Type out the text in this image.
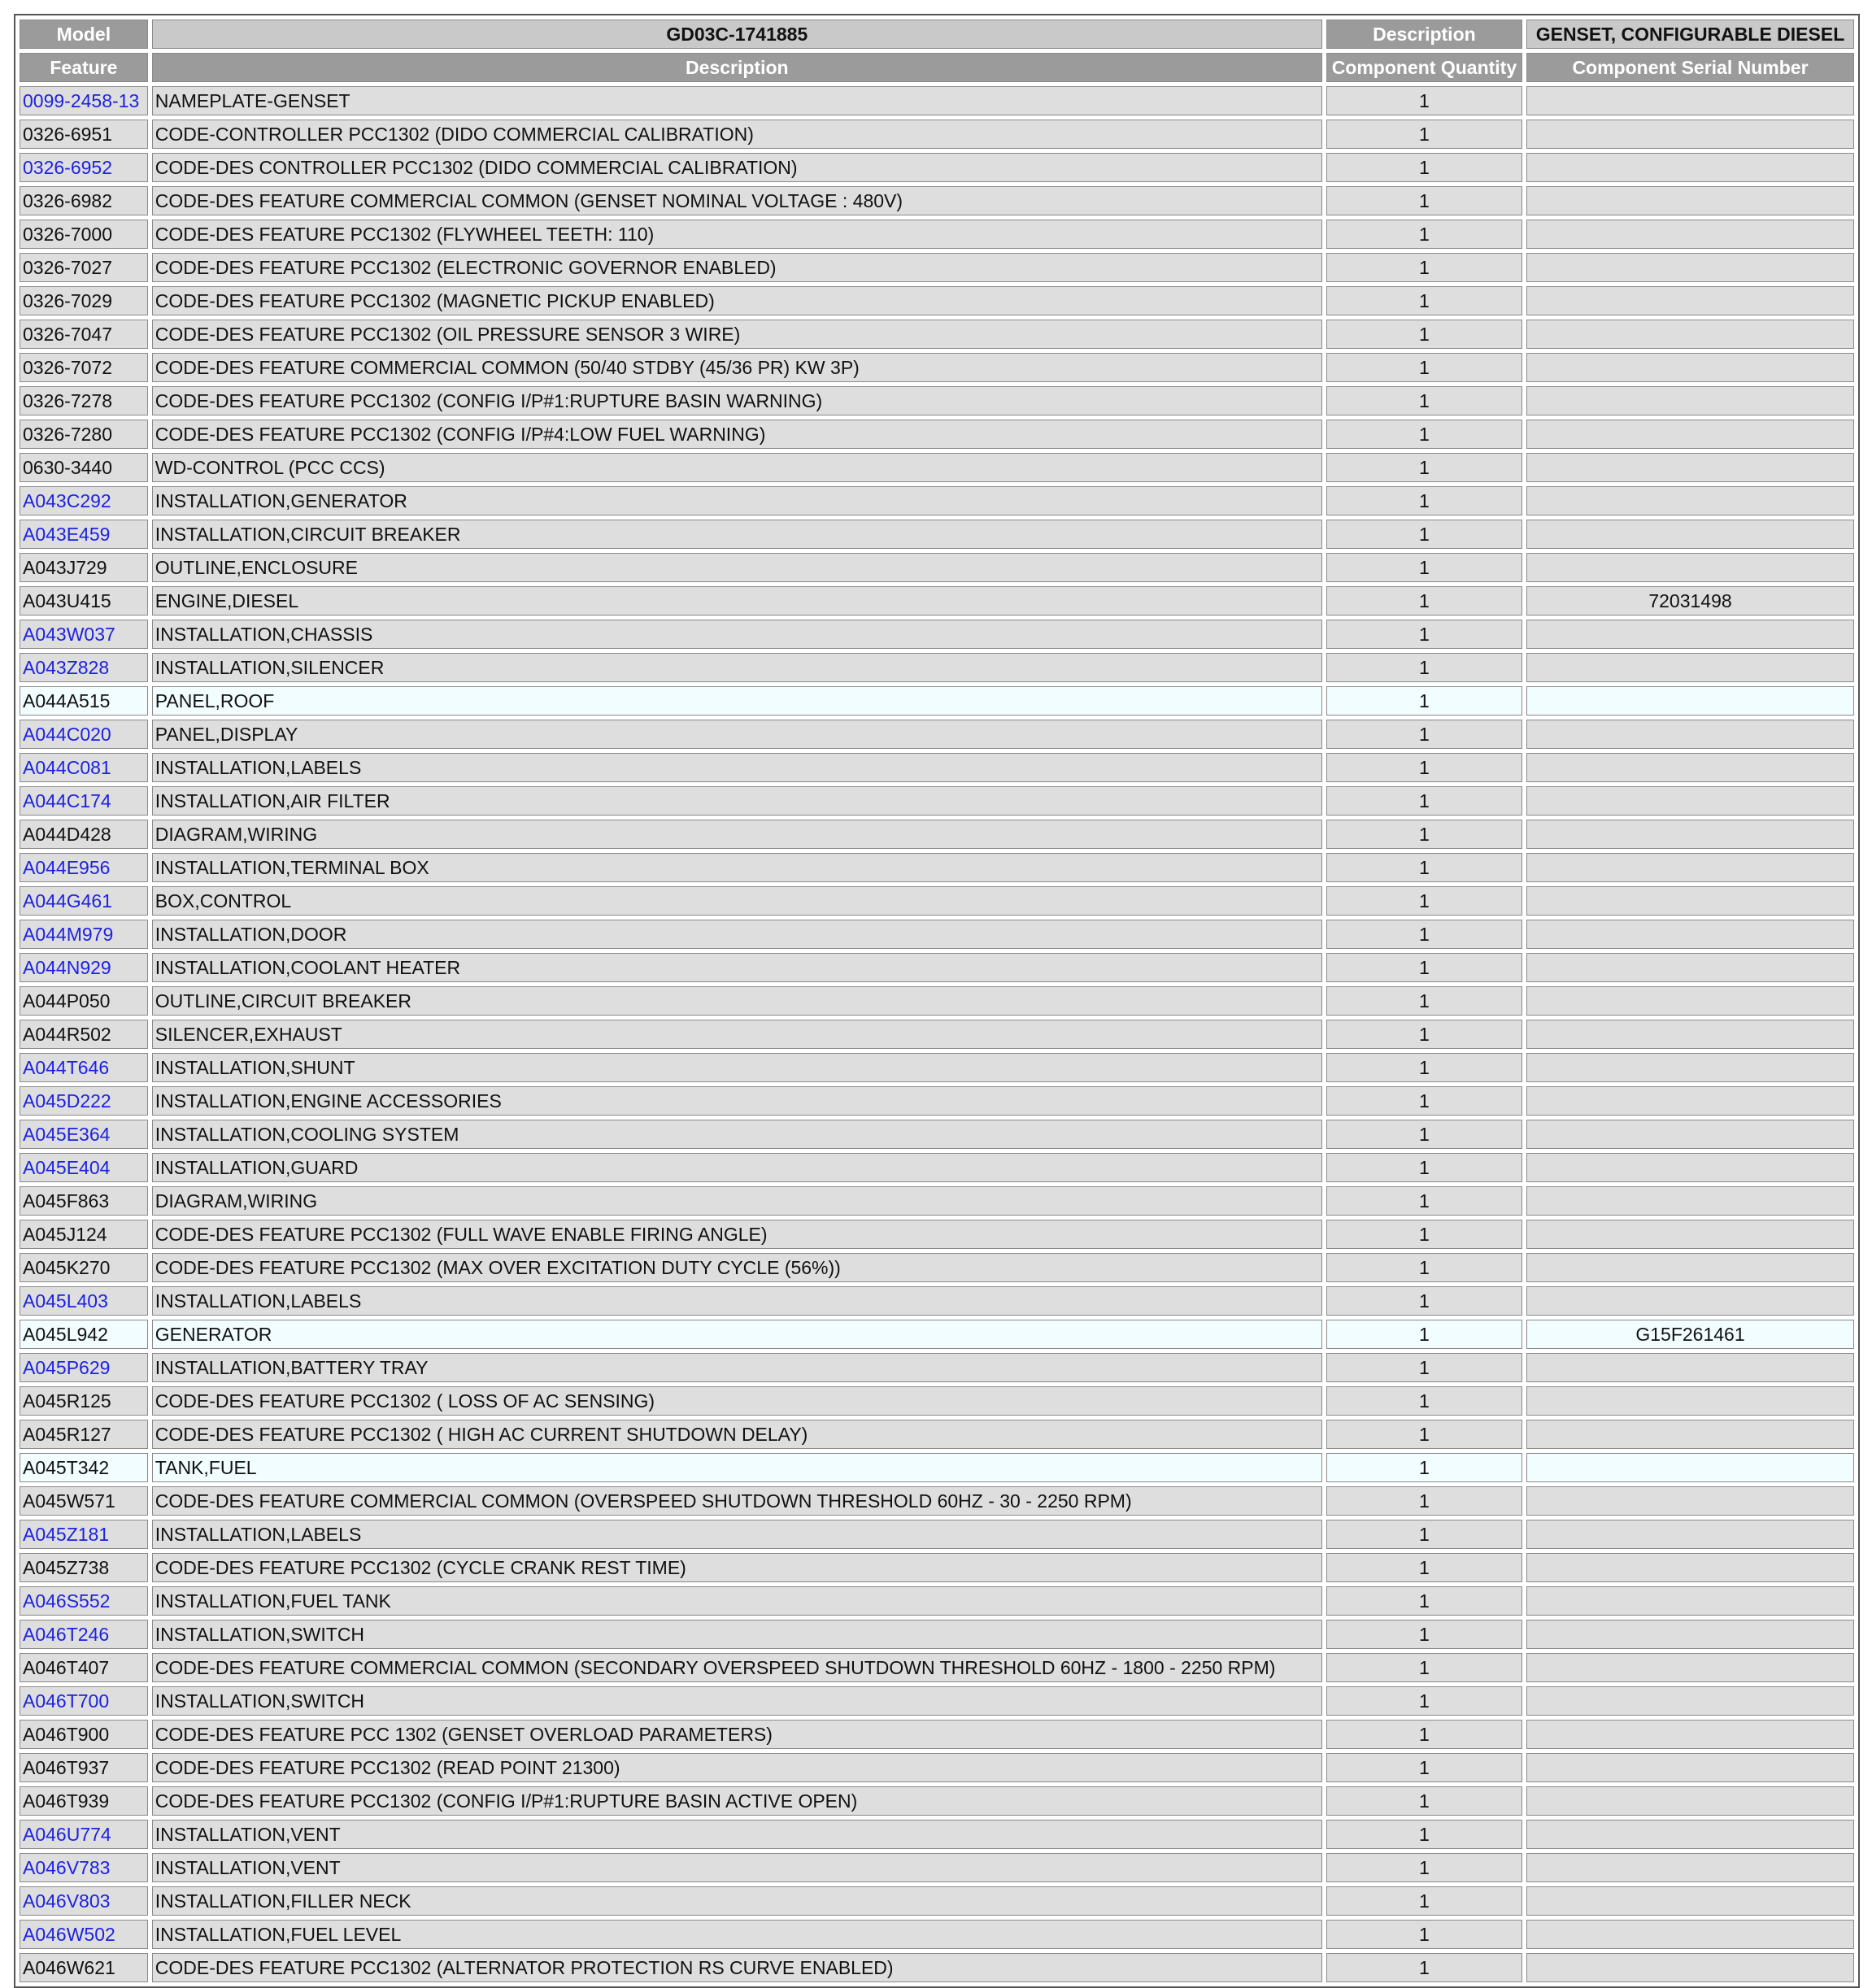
Model	GD03C-1741885	Description	GENSET, CONFIGURABLE DIESEL
Feature	Description	Component Quantity	Component Serial Number
0099-2458-13	NAMEPLATE-GENSET	1	
0326-6951	CODE-CONTROLLER PCC1302 (DIDO COMMERCIAL CALIBRATION)	1	
0326-6952	CODE-DES CONTROLLER PCC1302 (DIDO COMMERCIAL CALIBRATION)	1	
0326-6982	CODE-DES FEATURE COMMERCIAL COMMON (GENSET NOMINAL VOLTAGE : 480V)	1	
0326-7000	CODE-DES FEATURE PCC1302 (FLYWHEEL TEETH: 110)	1	
0326-7027	CODE-DES FEATURE PCC1302 (ELECTRONIC GOVERNOR ENABLED)	1	
0326-7029	CODE-DES FEATURE PCC1302 (MAGNETIC PICKUP ENABLED)	1	
0326-7047	CODE-DES FEATURE PCC1302 (OIL PRESSURE SENSOR 3 WIRE)	1	
0326-7072	CODE-DES FEATURE COMMERCIAL COMMON (50/40 STDBY (45/36 PR) KW 3P)	1	
0326-7278	CODE-DES FEATURE PCC1302 (CONFIG I/P#1:RUPTURE BASIN WARNING)	1	
0326-7280	CODE-DES FEATURE PCC1302 (CONFIG I/P#4:LOW FUEL WARNING)	1	
0630-3440	WD-CONTROL (PCC CCS)	1	
A043C292	INSTALLATION,GENERATOR	1	
A043E459	INSTALLATION,CIRCUIT BREAKER	1	
A043J729	OUTLINE,ENCLOSURE	1	
A043U415	ENGINE,DIESEL	1	72031498
A043W037	INSTALLATION,CHASSIS	1	
A043Z828	INSTALLATION,SILENCER	1	
A044A515	PANEL,ROOF	1	
A044C020	PANEL,DISPLAY	1	
A044C081	INSTALLATION,LABELS	1	
A044C174	INSTALLATION,AIR FILTER	1	
A044D428	DIAGRAM,WIRING	1	
A044E956	INSTALLATION,TERMINAL BOX	1	
A044G461	BOX,CONTROL	1	
A044M979	INSTALLATION,DOOR	1	
A044N929	INSTALLATION,COOLANT HEATER	1	
A044P050	OUTLINE,CIRCUIT BREAKER	1	
A044R502	SILENCER,EXHAUST	1	
A044T646	INSTALLATION,SHUNT	1	
A045D222	INSTALLATION,ENGINE ACCESSORIES	1	
A045E364	INSTALLATION,COOLING SYSTEM	1	
A045E404	INSTALLATION,GUARD	1	
A045F863	DIAGRAM,WIRING	1	
A045J124	CODE-DES FEATURE PCC1302 (FULL WAVE ENABLE FIRING ANGLE)	1	
A045K270	CODE-DES FEATURE PCC1302 (MAX OVER EXCITATION DUTY CYCLE (56%))	1	
A045L403	INSTALLATION,LABELS	1	
A045L942	GENERATOR	1	G15F261461
A045P629	INSTALLATION,BATTERY TRAY	1	
A045R125	CODE-DES FEATURE PCC1302 ( LOSS OF AC SENSING)	1	
A045R127	CODE-DES FEATURE PCC1302 ( HIGH AC CURRENT SHUTDOWN DELAY)	1	
A045T342	TANK,FUEL	1	
A045W571	CODE-DES FEATURE COMMERCIAL COMMON (OVERSPEED SHUTDOWN THRESHOLD 60HZ - 30 - 2250 RPM)	1	
A045Z181	INSTALLATION,LABELS	1	
A045Z738	CODE-DES FEATURE PCC1302 (CYCLE CRANK REST TIME)	1	
A046S552	INSTALLATION,FUEL TANK	1	
A046T246	INSTALLATION,SWITCH	1	
A046T407	CODE-DES FEATURE COMMERCIAL COMMON (SECONDARY OVERSPEED SHUTDOWN THRESHOLD 60HZ - 1800 - 2250 RPM)	1	
A046T700	INSTALLATION,SWITCH	1	
A046T900	CODE-DES FEATURE PCC 1302 (GENSET OVERLOAD PARAMETERS)	1	
A046T937	CODE-DES FEATURE PCC1302 (READ POINT 21300)	1	
A046T939	CODE-DES FEATURE PCC1302 (CONFIG I/P#1:RUPTURE BASIN ACTIVE OPEN)	1	
A046U774	INSTALLATION,VENT	1	
A046V783	INSTALLATION,VENT	1	
A046V803	INSTALLATION,FILLER NECK	1	
A046W502	INSTALLATION,FUEL LEVEL	1	
A046W621	CODE-DES FEATURE PCC1302 (ALTERNATOR PROTECTION RS CURVE ENABLED)	1	
